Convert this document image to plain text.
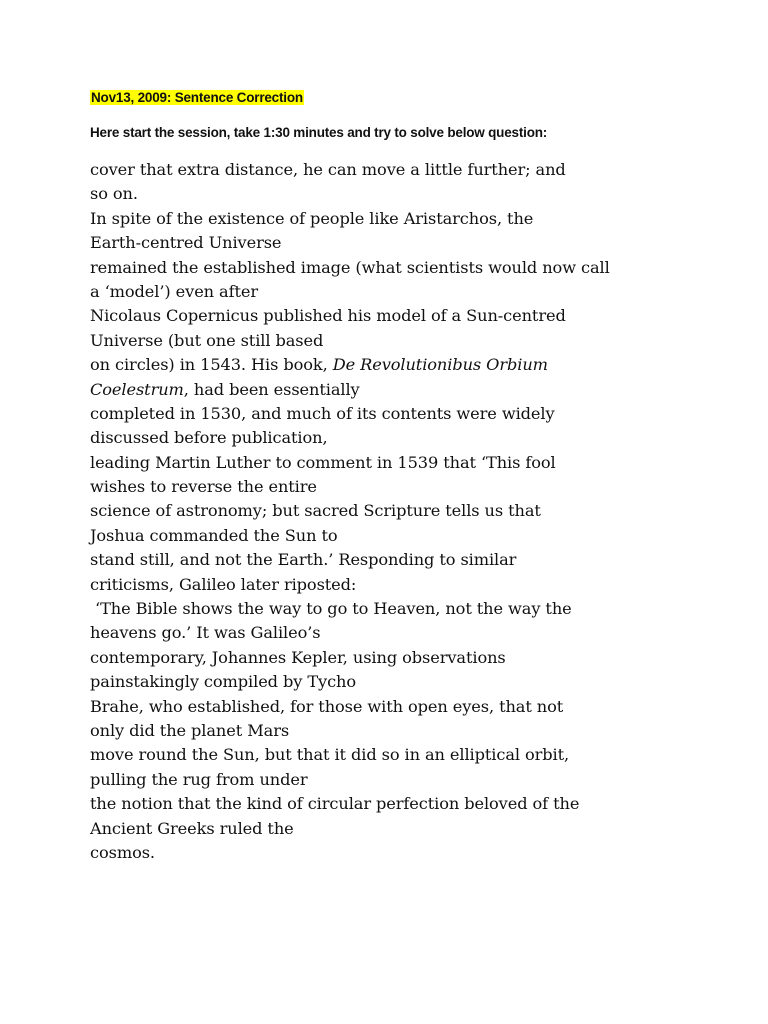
Nov13, 2009: Sentence Correction
Here start the session, take 1:30 minutes and try to solve below question:
cover that extra distance, he can move a little further; and
so on.
In spite of the existence of people like Aristarchos, the
Earth-centred Universe
remained the established image (what scientists would now call
a ‘model’) even after
Nicolaus Copernicus published his model of a Sun-centred
Universe (but one still based
on circles) in 1543. His book, De Revolutionibus Orbium
Coelestrum, had been essentially
completed in 1530, and much of its contents were widely
discussed before publication,
leading Martin Luther to comment in 1539 that ‘This fool
wishes to reverse the entire
science of astronomy; but sacred Scripture tells us that
Joshua commanded the Sun to
stand still, and not the Earth.’ Responding to similar
criticisms, Galileo later riposted:
‘The Bible shows the way to go to Heaven, not the way the
heavens go.’ It was Galileo’s
contemporary, Johannes Kepler, using observations
painstakingly compiled by Tycho
Brahe, who established, for those with open eyes, that not
only did the planet Mars
move round the Sun, but that it did so in an elliptical orbit,
pulling the rug from under
the notion that the kind of circular perfection beloved of the
Ancient Greeks ruled the
cosmos.
